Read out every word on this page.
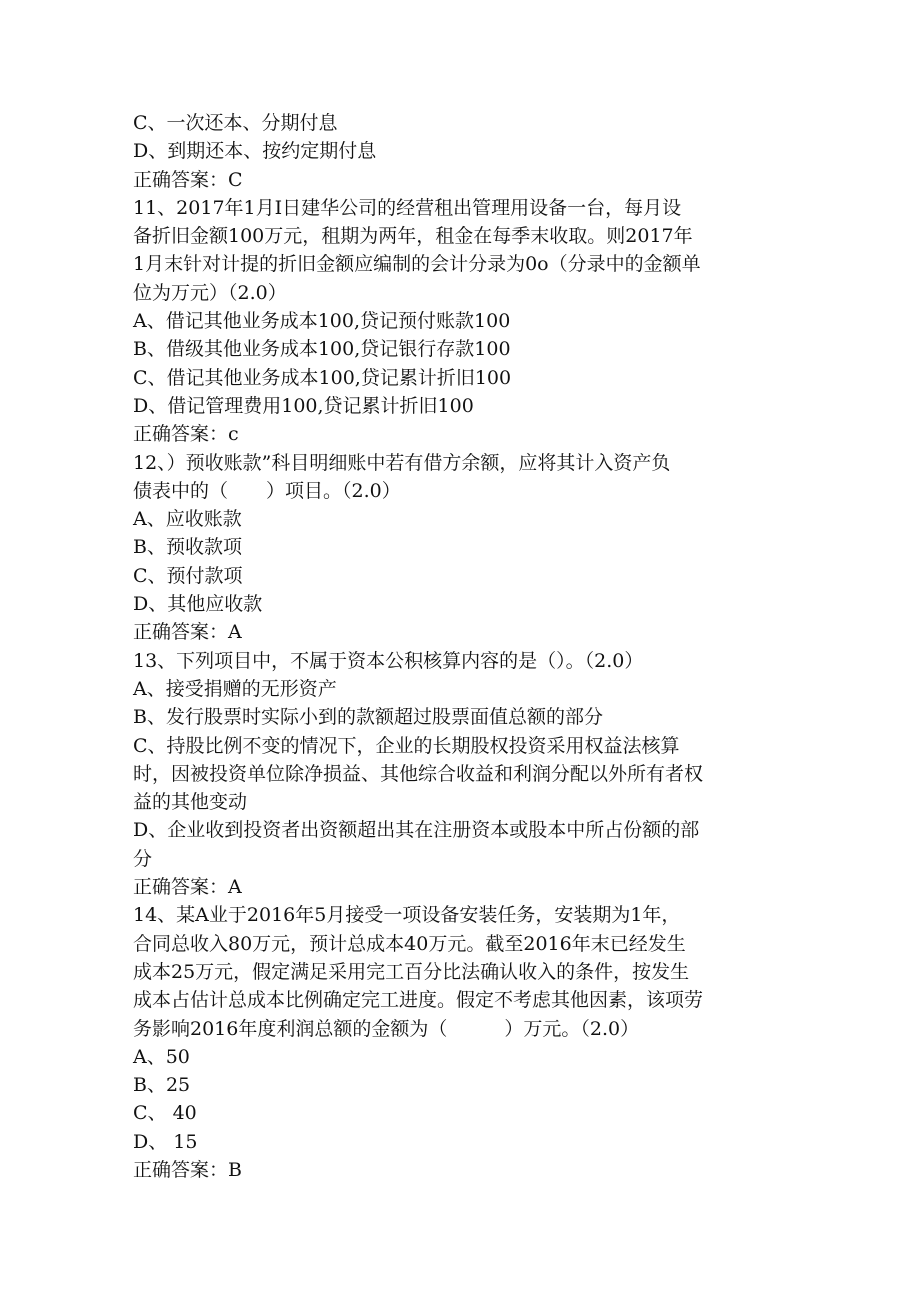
C、一次还本、分期付息
D、到期还本、按约定期付息
正确答案：C
11、2017年1月I日建华公司的经营租出管理用设备一台，每月设
备折旧金额100万元，租期为两年，租金在每季末收取。则2017年
1月末针对计提的折旧金额应编制的会计分录为0o（分录中的金额单
位为万元）（2.0）
A、借记其他业务成本100,贷记预付账款100
B、借级其他业务成本100,贷记银行存款100
C、借记其他业务成本100,贷记累计折旧100
D、借记管理费用100,贷记累计折旧100
正确答案：c
12、）预收账款”科目明细账中若有借方余额，应将其计入资产负
债表中的（　　）项目。（2.0）
A、应收账款
B、预收款项
C、预付款项
D、其他应收款
正确答案：A
13、下列项目中，不属于资本公积核算内容的是（）。（2.0）
A、接受捐赠的无形资产
B、发行股票时实际小到的款额超过股票面值总额的部分
C、持股比例不变的情况下，企业的长期股权投资采用权益法核算
时，因被投资单位除净损益、其他综合收益和利润分配以外所有者权
益的其他变动
D、企业收到投资者出资额超出其在注册资本或股本中所占份额的部
分
正确答案：A
14、某A业于2016年5月接受一项设备安装任务，安装期为1年，
合同总收入80万元，预计总成本40万元。截至2016年末已经发生
成本25万元，假定满足采用完工百分比法确认收入的条件，按发生
成本占估计总成本比例确定完工进度。假定不考虑其他因素，该项劳
务影响2016年度利润总额的金额为（　　　）万元。（2.0）
A、50
B、25
C、 40
D、 15
正确答案：B
